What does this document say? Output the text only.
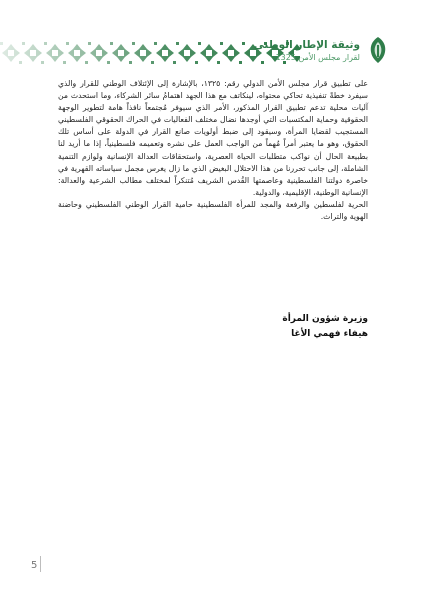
وثيقة الإطار الوطني
لقرار مجلس الأمن 1325

على تطبيق قرار مجلس الأمن الدولي رقم: ١٣٢٥، بالإشارة إلى الإئتلاف الوطني للقرار والذي سيفرد خطةً تنفيذية تحاكي محتواه، لينكاتف مع هذا الجهد اهتمامُ سائر الشركاء، وما استحدث من آليات محلية تدعم تطبيق القرار المذكور، الأمر الذي سيوفر مُجتمعاً نافذاً هامة لتطوير الوجهة الحقوقية وحماية المكتسبات التي أوجدها نضال مختلف الفعاليات في الحراك الحقوقي الفلسطيني المستجيب لقضايا المرأة، وسيقود إلى ضبط أولويات صانع القرار في الدولة على أساس تلك الحقوق، وهو ما يعتبر أمراً مُهماً من الواجب العمل على نشره وتعميمه فلسطينياً، إذا ما أريد لنا بطبيعة الحال أن نواكب متطلبات الحياة العصرية، واستحقاقات العدالة الإنسانية ولوازم التنمية الشاملة، إلى جانب تحررنا من هذا الاحتلال البغيض الذي ما زال يغرس مجمل سياساته القهرية في خاصرة دولتنا الفلسطينية وعاصمتها القُدس الشريف مُتنكراً لمختلف مطالب الشرعية والعدالة: الإنسانية الوطنية، الإقليمية، والدولية.

الحرية لفلسطين والرفعة والمجد للمرأة الفلسطينية حامية القرار الوطني الفلسطيني وحاضنة الهوية والتراث.

وزيرة شؤون المرأة
هيفاء فهمي الأغا
5
